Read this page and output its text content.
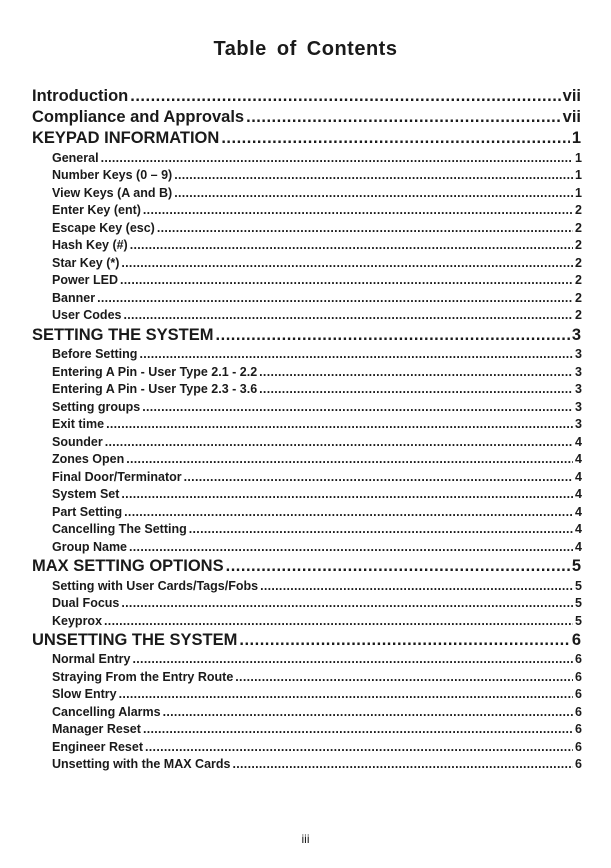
Table of Contents
Introduction .....	vii
Compliance and Approvals .....	vii
KEYPAD INFORMATION .....	1
General .....	1
Number Keys (0 – 9) .....	1
View Keys (A and B) .....	1
Enter Key (ent) .....	2
Escape Key (esc) .....	2
Hash Key (#) .....	2
Star Key (*) .....	2
Power LED .....	2
Banner .....	2
User Codes .....	2
SETTING THE SYSTEM .....	3
Before Setting .....	3
Entering A Pin - User Type 2.1 - 2.2 .....	3
Entering A Pin - User Type 2.3 - 3.6 .....	3
Setting groups .....	3
Exit time .....	3
Sounder .....	4
Zones Open .....	4
Final Door/Terminator .....	4
System Set .....	4
Part Setting .....	4
Cancelling The Setting .....	4
Group Name .....	4
MAX SETTING OPTIONS .....	5
Setting with User Cards/Tags/Fobs .....	5
Dual Focus .....	5
Keyprox .....	5
UNSETTING THE SYSTEM .....	6
Normal Entry .....	6
Straying From the Entry Route .....	6
Slow Entry .....	6
Cancelling Alarms .....	6
Manager Reset .....	6
Engineer Reset .....	6
Unsetting with the MAX Cards .....	6
iii
